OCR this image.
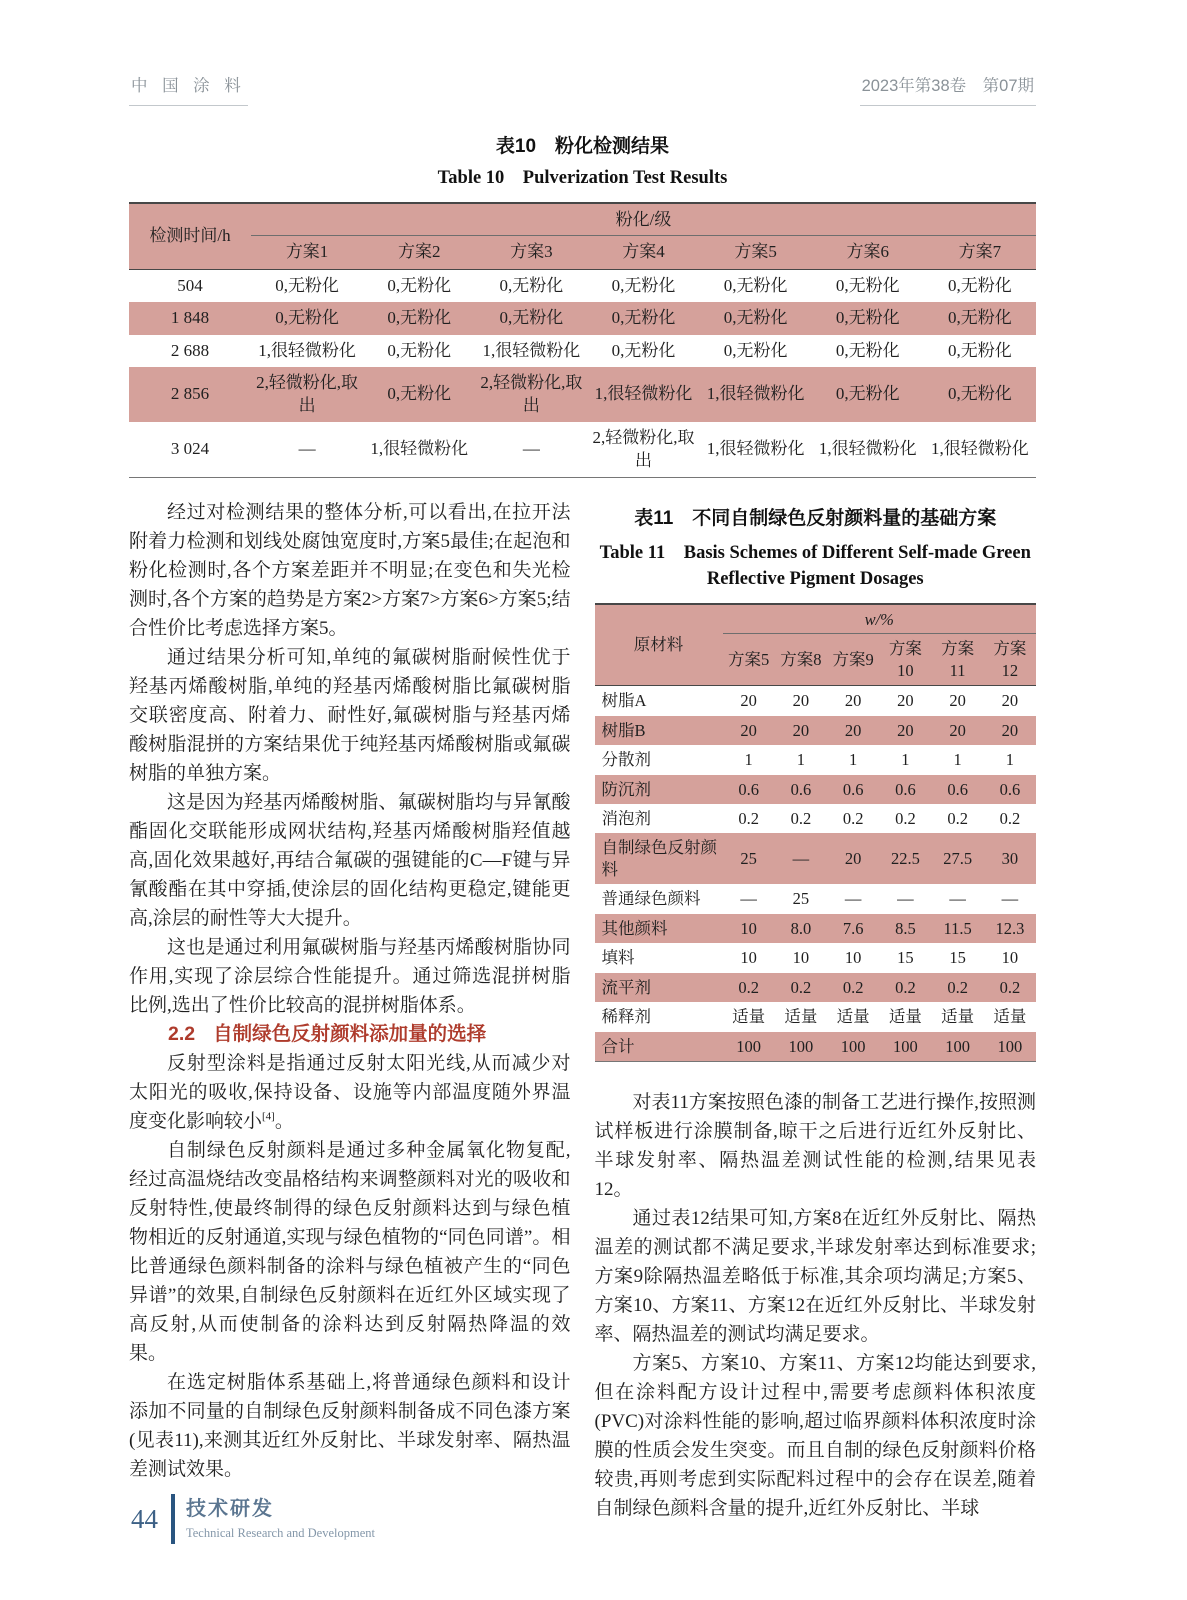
中 国 涂 料	2023年第38卷　第07期
表10　粉化检测结果
Table 10　Pulverization Test Results
检测时间/h	粉化/级						
	方案1	方案2	方案3	方案4	方案5	方案6	方案7
504	0,无粉化	0,无粉化	0,无粉化	0,无粉化	0,无粉化	0,无粉化	0,无粉化
1 848	0,无粉化	0,无粉化	0,无粉化	0,无粉化	0,无粉化	0,无粉化	0,无粉化
2 688	1,很轻微粉化	0,无粉化	1,很轻微粉化	0,无粉化	0,无粉化	0,无粉化	0,无粉化
2 856	2,轻微粉化,取出	0,无粉化	2,轻微粉化,取出	1,很轻微粉化	1,很轻微粉化	0,无粉化	0,无粉化
3 024	—	1,很轻微粉化	—	2,轻微粉化,取出	1,很轻微粉化	1,很轻微粉化	1,很轻微粉化

经过对检测结果的整体分析,可以看出,在拉开法附着力检测和划线处腐蚀宽度时,方案5最佳;在起泡和粉化检测时,各个方案差距并不明显;在变色和失光检测时,各个方案的趋势是方案2>方案7>方案6>方案5;结合性价比考虑选择方案5。

通过结果分析可知,单纯的氟碳树脂耐候性优于羟基丙烯酸树脂,单纯的羟基丙烯酸树脂比氟碳树脂交联密度高、附着力、耐性好,氟碳树脂与羟基丙烯酸树脂混拼的方案结果优于纯羟基丙烯酸树脂或氟碳树脂的单独方案。

这是因为羟基丙烯酸树脂、氟碳树脂均与异氰酸酯固化交联能形成网状结构,羟基丙烯酸树脂羟值越高,固化效果越好,再结合氟碳的强键能的C—F键与异氰酸酯在其中穿插,使涂层的固化结构更稳定,键能更高,涂层的耐性等大大提升。

这也是通过利用氟碳树脂与羟基丙烯酸树脂协同作用,实现了涂层综合性能提升。通过筛选混拼树脂比例,选出了性价比较高的混拼树脂体系。

2.2 自制绿色反射颜料添加量的选择

反射型涂料是指通过反射太阳光线,从而减少对太阳光的吸收,保持设备、设施等内部温度随外界温度变化影响较小[4]。

自制绿色反射颜料是通过多种金属氧化物复配,经过高温烧结改变晶格结构来调整颜料对光的吸收和反射特性,使最终制得的绿色反射颜料达到与绿色植物相近的反射通道,实现与绿色植物的“同色同谱”。相比普通绿色颜料制备的涂料与绿色植被产生的“同色异谱”的效果,自制绿色反射颜料在近红外区域实现了高反射,从而使制备的涂料达到反射隔热降温的效果。

在选定树脂体系基础上,将普通绿色颜料和设计添加不同量的自制绿色反射颜料制备成不同色漆方案(见表11),来测其近红外反射比、半球发射率、隔热温差测试效果。

表11　不同自制绿色反射颜料量的基础方案
Table 11　Basis Schemes of Different Self-made Green Reflective Pigment Dosages
原材料	w/%					
	方案5	方案8	方案9	方案10	方案11	方案12
树脂A	20	20	20	20	20	20
树脂B	20	20	20	20	20	20
分散剂	1	1	1	1	1	1
防沉剂	0.6	0.6	0.6	0.6	0.6	0.6
消泡剂	0.2	0.2	0.2	0.2	0.2	0.2
自制绿色反射颜料	25	—	20	22.5	27.5	30
普通绿色颜料	—	25	—	—	—	—
其他颜料	10	8.0	7.6	8.5	11.5	12.3
填料	10	10	10	15	15	10
流平剂	0.2	0.2	0.2	0.2	0.2	0.2
稀释剂	适量	适量	适量	适量	适量	适量
合计	100	100	100	100	100	100

对表11方案按照色漆的制备工艺进行操作,按照测试样板进行涂膜制备,晾干之后进行近红外反射比、半球发射率、隔热温差测试性能的检测,结果见表12。

通过表12结果可知,方案8在近红外反射比、隔热温差的测试都不满足要求,半球发射率达到标准要求;方案9除隔热温差略低于标准,其余项均满足;方案5、方案10、方案11、方案12在近红外反射比、半球发射率、隔热温差的测试均满足要求。

方案5、方案10、方案11、方案12均能达到要求,但在涂料配方设计过程中,需要考虑颜料体积浓度(PVC)对涂料性能的影响,超过临界颜料体积浓度时涂膜的性质会发生突变。而且自制的绿色反射颜料价格较贵,再则考虑到实际配料过程中的会存在误差,随着自制绿色颜料含量的提升,近红外反射比、半球

44 技术研发
Technical Research and Development
